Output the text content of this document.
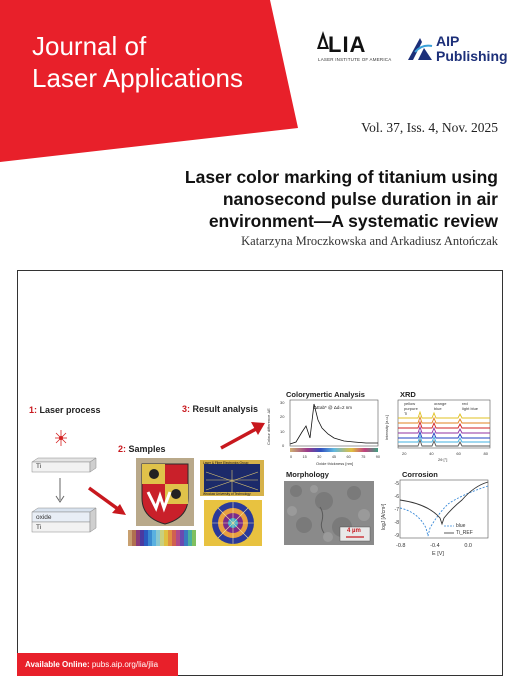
Journal of
Laser Applications
LIA
LASER INSTITUTE OF AMERICA
AIP
Publishing
Vol. 37, Iss. 4, Nov. 2025
Laser color marking of titanium using nanosecond pulse duration in air environment—A systematic review
Katarzyna Mroczkowska and Arkadiusz Antończak
1: Laser process
Ti
oxide
Ti
2: Samples
Laser & Fibre Electronics Group
Wroclaw University of Technology
3: Result analysis
Colorymertic Analysis
ΔEab* @ Δd=2 nm
Colour difference ΔE
30
20
10
0
0	15	30	45	60	75	90
Oxide thickness [nm]
XRD
yellow
purpure
Ti
orange
blue
red
light blue
Intensity [a.u.]
20	40	60	80
2θ [°]
Morphology
4 µm
Corrosion
blue
Ti_REF
-5
-6
-7
-8
-9
logJ [A/cm²]
-0.8	-0.4	0.0
E [V]
Available Online: pubs.aip.org/lia/jlia
